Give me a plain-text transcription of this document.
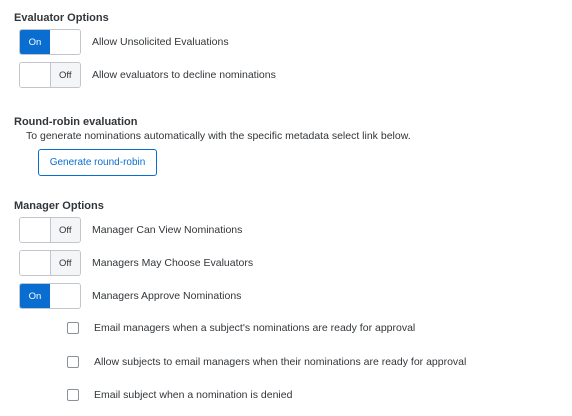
Evaluator Options
On	Allow Unsolicited Evaluations
Off	Allow evaluators to decline nominations
Round-robin evaluation
To generate nominations automatically with the specific metadata select link below.
Generate round-robin
Manager Options
Off	Manager Can View Nominations
Off	Managers May Choose Evaluators
On	Managers Approve Nominations
Email managers when a subject's nominations are ready for approval
Allow subjects to email managers when their nominations are ready for approval
Email subject when a nomination is denied
